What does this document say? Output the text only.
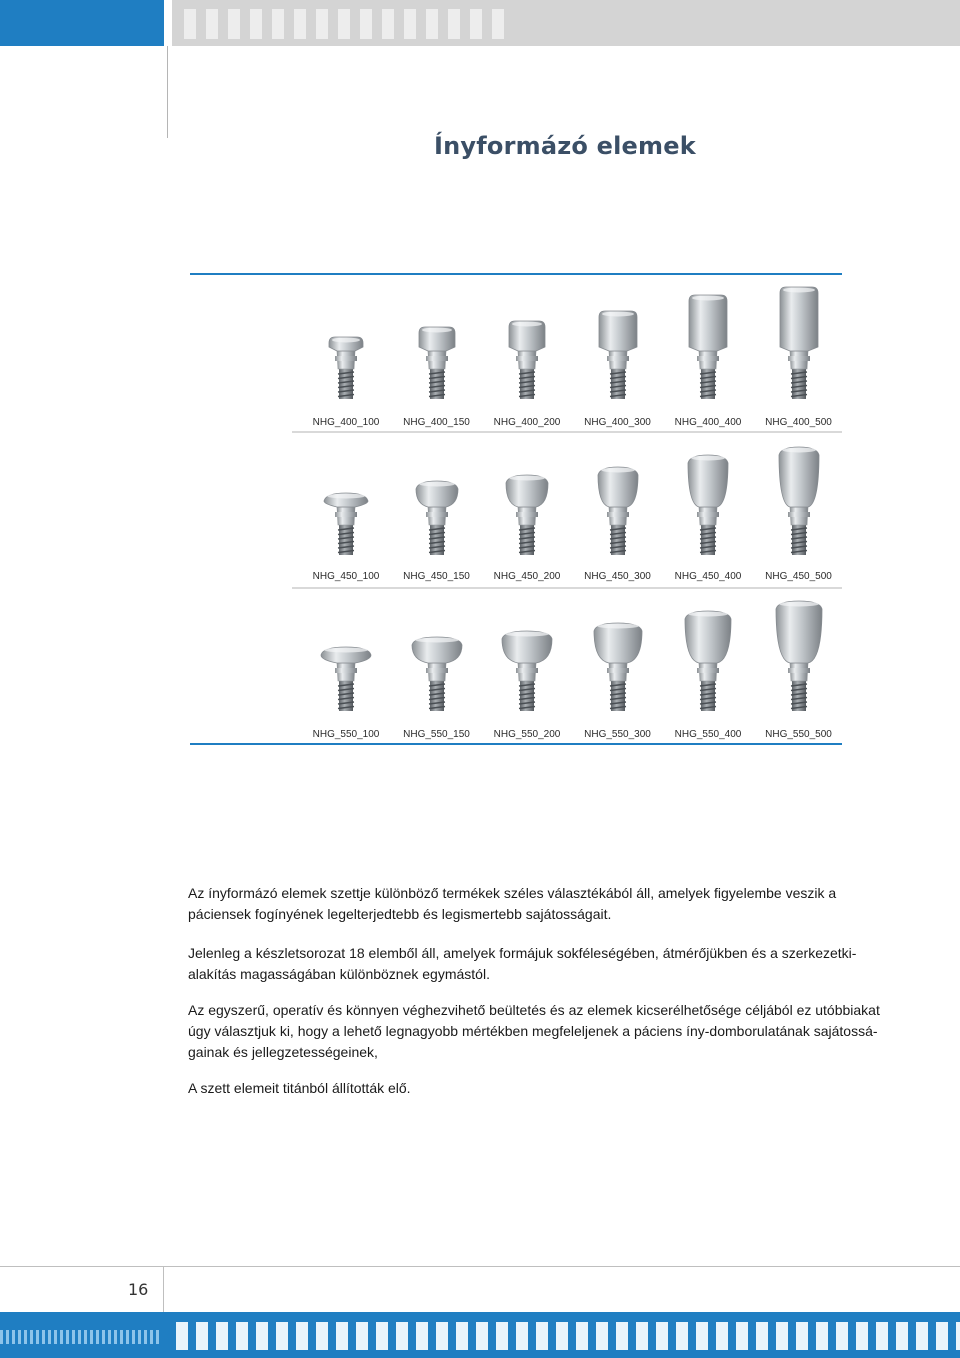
Ínyformázó elemek
NHG_400_100	NHG_400_150	NHG_400_200	NHG_400_300	NHG_400_400	NHG_400_500
NHG_450_100	NHG_450_150	NHG_450_200	NHG_450_300	NHG_450_400	NHG_450_500
NHG_550_100	NHG_550_150	NHG_550_200	NHG_550_300	NHG_550_400	NHG_550_500

Az ínyformázó elemek szettje különböző termékek széles választékából áll, amelyek figyelembe veszik a páciensek fogínyének legelterjedtebb és legismertebb sajátosságait.

Jelenleg a készletsorozat 18 elemből áll, amelyek formájuk sokféleségében, átmérőjükben és a szerkezetki-alakítás magasságában különböznek egymástól.

Az egyszerű, operatív és könnyen véghezvihető beültetés és az elemek kicserélhetősége céljából ez utóbbiakat úgy választjuk ki, hogy a lehető legnagyobb mértékben megfeleljenek a páciens íny-domborulatának sajátossá-gainak és jellegzetességeinek,

A szett elemeit titánból állították elő.

16
